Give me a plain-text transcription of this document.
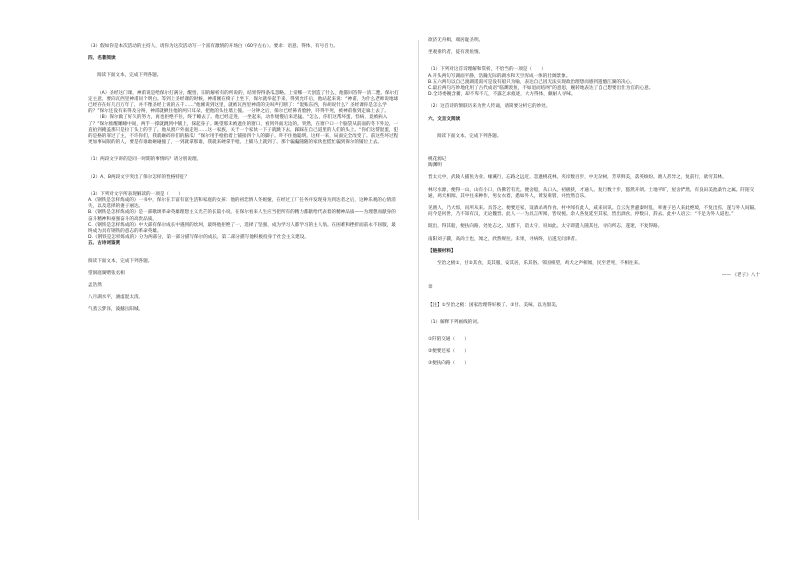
（3）假如你是本次活动的主持人，请你为这次活动写一个富有激情的开场白（60字左右）。要求：语意、得体，有号召力。

四、名著阅读

阅读下面文本，完成下列各题。

（A）圣经这门课，神甫说是给保尔打满分，醒悟，旧的解析有的所说的，结果得得条瓜忽略。上帝哪一天创造了什么，他都回答得一清二楚。保尔打定主意，要向瓦西里神甫问个明白。等到上圣经课的时候，神甫刚在椅子上坐下，保尔就举起手来，得到允许后，他站起来说：“神甫，为什么老师说地球已经存在好几百万年了，并不像圣经上说的五千……”他刚说到这里，就被瓦西里神甫的尖叫声打断了：“混账东西，你胡说什么？圣经课你是怎么学的？”保尔还没有来得及分辩，神甫就揪住他的两只耳朵，把他的头往墙上撞。一分钟之后，保尔已经鼻青脸肿，吓得半死，被神甫推到走廊上去了。

（B）保尔做了好久的努力，再也拒绝不住，终于睡去了。他已经走进，一坐起来，动作缓慢后来迅猛。“怎么，你们这帮坏蛋，怪病，竟被病入了？”保尔推醒睡睡中间，两手一撑就跳到中铺上，探起身子。眺望那未被遮住的窗口，看到外面无边的。突然，在窗户口一个脑袋从前面的冬下外边，一直拍到掩盖那只是拉丁头上的手了。他从窗户外面走进……这一家族，关于一个家伙一下子就跳下去，踩踩在自己道里的人们的头上。“你们这帮混蛋，犯的是格的罪过了主，不许你们，我就砸碎你们的脑瓜！”保尔用手枪指着上铺接四个人的脚子。吓不住他聪明。这样一来，局面完全改变了。前这些坏过程更加事局限的的人，要是有谁敢砸碰撞了，一到就拿那谁，我就来硬拿手枪。上铺马上就到了。那个骗骗随随的家伙也慌忙骗到保尔的铺位上去。

（1）两段文字讲的是同一时期的事情吗？请分别说理。

（2）A、B两段文字突出了保尔怎样的性格特征？

（3）下列对文字所表现解读的一项是（　　）

A.《钢铁是怎样炼成的》一书中，保尔在丰富有富生活和家庭的女孩：他的初恋情人冬妮娅，在经过工厂任务并发现身为到达者之后，这种乐观的心情消失，以及选择的妻子丽达。

B.《钢铁是怎样炼成的》是一部歌颂革命英雄理想主义光芒的长篇小说，在保尔看来人生应当把所有的精力都献给代表着的精神品质——为理想而献身的奋斗精神和豪强奋斗的高贵品质。

C.《钢铁是怎样炼成的》中大部有保尔成长中遇到的坎坷，最终他拒绝了一，选择了坚强，成为学习人都学习的主人翁。在困难和挫折面前永不屈服，最终成为具有钢铁的意志的革命英雄。

D.《钢铁是怎样炼成的》分为两部分，第一部分描写保尔的成长，第二部分描写他积极投身于社会主义建设。

五、古诗词鉴赏

阅读下面文本，完成下列各题。

望洞庭湖赠张丞相

孟浩然

八月湖水平，涵虚混太清。

气蒸云梦泽，波撼岳阳城。

欲济无舟楫，端居耻圣明。

坐观垂钓者，徒有羡鱼情。

（1）下列对这首诗理解和赏析，不恰当的一项是（　　）

A.开头两句写湖面平静，浩瀚无际的湖水和天空浑成一体的壮阔景象。

B.五六两句以自己渡湖遥渴可是没有船只为喻，表达自己因无法实现政治理想而感到遗憾江湖的决心。

C.最后两句巧妙地化用了古代成语“临渊羡鱼，不如退而结网”的意思，婉转地表达了自己想要出仕为官的心意。

D.全诗委婉含蓄，却不卑不亢，不露乞求痕迹，大方得体，颇耐人寻味。

（2）这首诗的颔联历来为世人传诵，请简要分析它的妙处。

六、文言文阅读

阅读下面文本，完成下列各题。

桃花源记

陶渊明

晋太元中，武陵人捕鱼为业。缘溪行，忘路之远近。忽逢桃花林，夹岸数百步，中无杂树，芳草鲜美，落英缤纷。渔人甚异之，复前行，欲穷其林。

林尽水源，便得一山，山有小口，仿佛若有光。便舍船，从口入。初极狭，才通人。复行数十步，豁然开朗。土地平旷，屋舍俨然，有良田美池桑竹之属。阡陌交通，鸡犬相闻。其中往来种作，男女衣着，悉如外人。黄发垂髫，并怡然自乐。

见渔人，乃大惊，问所从来。具答之。便要还家，设酒杀鸡作食。村中闻有此人，咸来问讯。自云先世避秦时乱，率妻子邑人来此绝境，不复出焉，遂与外人间隔。问今是何世，乃不知有汉，无论魏晋。此人一一为具言所闻，皆叹惋。余人各复延至其家，皆出酒食。停数日，辞去。此中人语云：“不足为外人道也。”

既出，得其船，便扶向路，处处志之。及郡下，诣太守，说如此。太守即遣人随其往，寻向所志，遂迷，不复得路。

南阳刘子骥，高尚士也，闻之，欣然规往。未果，寻病终，后遂无问津者。

【链接材料】

至治之极①，甘②其食，美其服，安其居，乐其俗。邻国相望，鸡犬之声相闻，民至老死，不相往来。

—— 《老子》八十

章

【注】①至治之极：国家治理得好极了。②甘、美味，以为甜美。

（1）解释下列画线的词。

①阡陌交通（　　）

②便要还家（　　）

③便扶向路（　　）
